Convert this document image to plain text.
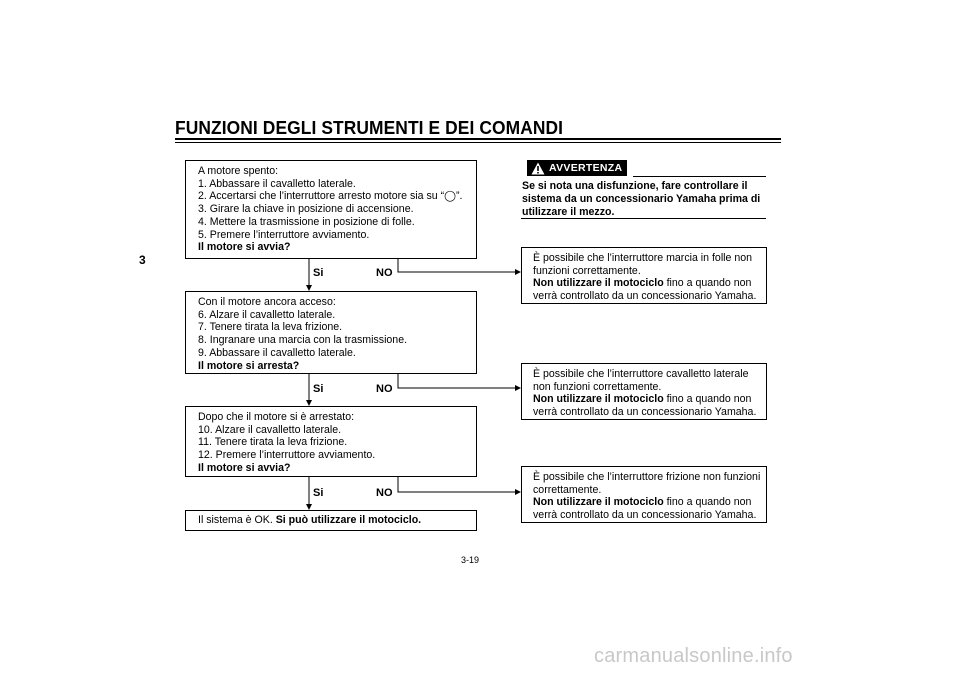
FUNZIONI DEGLI STRUMENTI E DEI COMANDI
3
A motore spento:
1. Abbassare il cavalletto laterale.
2. Accertarsi che l’interruttore arresto motore sia su “◯”.
3. Girare la chiave in posizione di accensione.
4. Mettere la trasmissione in posizione di folle.
5. Premere l’interruttore avviamento.
Il motore si avvia?
Si	NO
Con il motore ancora acceso:
6. Alzare il cavalletto laterale.
7. Tenere tirata la leva frizione.
8. Ingranare una marcia con la trasmissione.
9. Abbassare il cavalletto laterale.
Il motore si arresta?
Si	NO
Dopo che il motore si è arrestato:
10. Alzare il cavalletto laterale.
11. Tenere tirata la leva frizione.
12. Premere l’interruttore avviamento.
Il motore si avvia?
Si	NO
Il sistema è OK. Si può utilizzare il motociclo.
AVVERTENZA
Se si nota una disfunzione, fare controllare il
sistema da un concessionario Yamaha prima di
utilizzare il mezzo.
È possibile che l’interruttore marcia in folle non
funzioni correttamente.
Non utilizzare il motociclo fino a quando non
verrà controllato da un concessionario Yamaha.
È possibile che l’interruttore cavalletto laterale
non funzioni correttamente.
Non utilizzare il motociclo fino a quando non
verrà controllato da un concessionario Yamaha.
È possibile che l’interruttore frizione non funzioni
correttamente.
Non utilizzare il motociclo fino a quando non
verrà controllato da un concessionario Yamaha.
3-19
carmanualsonline.info
